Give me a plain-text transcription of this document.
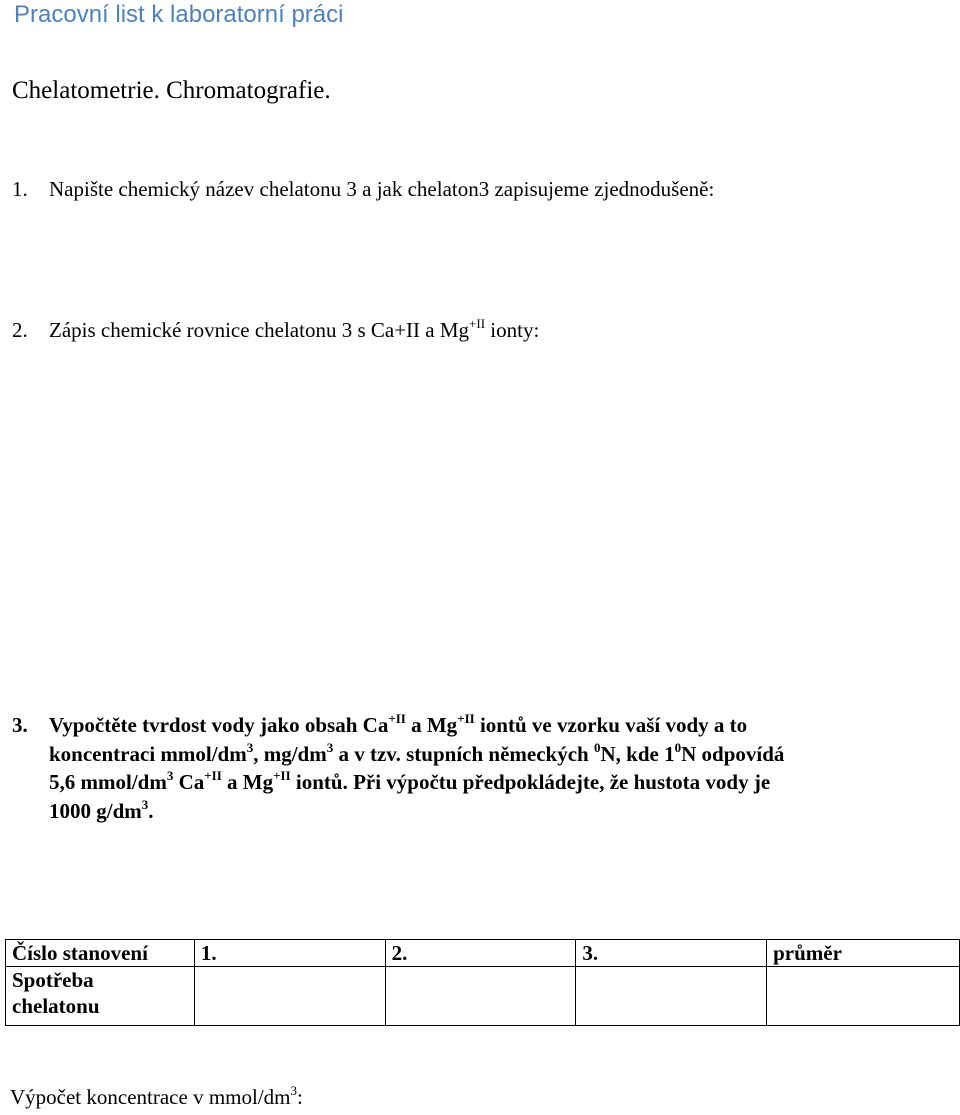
Pracovní list k laboratorní práci
Chelatometrie. Chromatografie.
1. Napište chemický název chelatonu 3 a jak chelaton3 zapisujeme zjednodušeně:
2. Zápis chemické rovnice chelatonu 3 s Ca+II a $Mg^{+II}$ ionty:
3. Vypočtěte tvrdost vody jako obsah $Ca^{+II}$ a $Mg^{+II}$ iontů ve vzorku vaší vody a to
koncentraci mmol/$dm^3$, $mg/dm^3$ a v tzv. stupních německých $^0$N, kde $1^0N$ odpovídá
5,6 mmol/$dm^3$ $Ca^{+II}$ a $Mg^{+II}$ iontů. Při výpočtu předpokládejte, že hustota vody je
1000 $g/dm^3$.
Číslo stanovení	1.	2.	3.	průměr
Spotřeba
chelatonu				
Výpočet koncentrace v mmol/$dm^3$:
